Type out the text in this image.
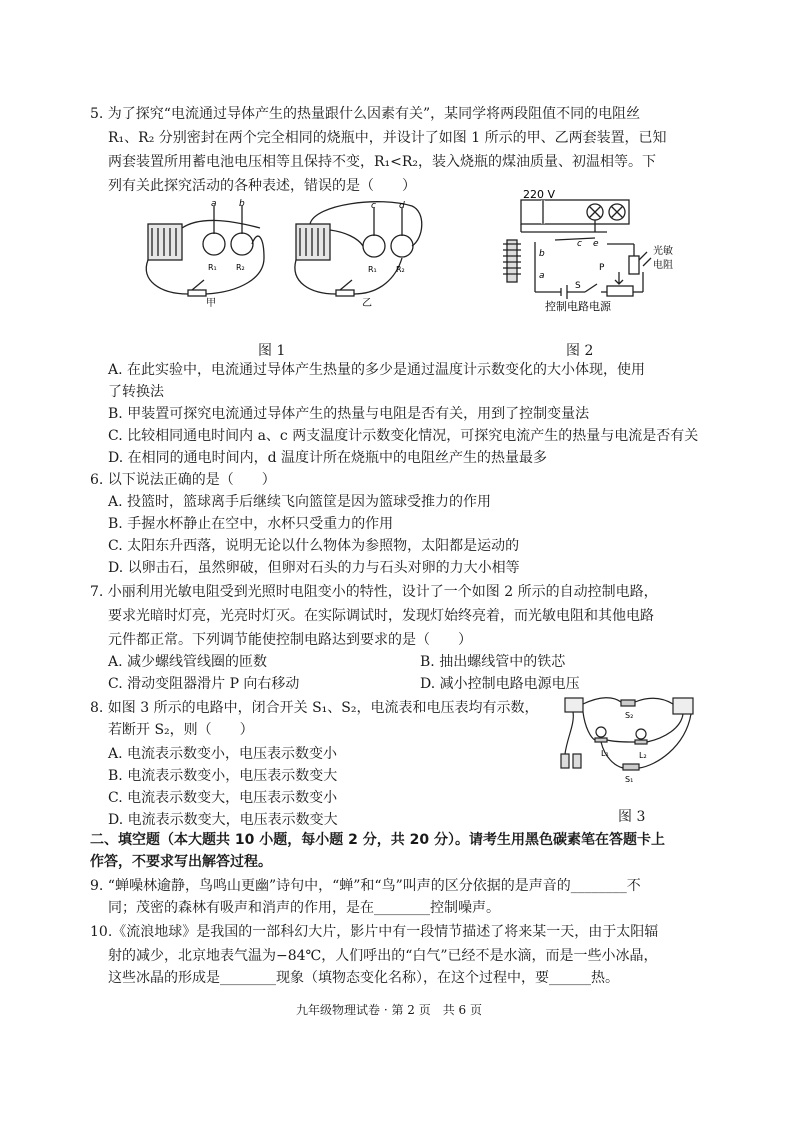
5. 为了探究“电流通过导体产生的热量跟什么因素有关”，某同学将两段阻值不同的电阻丝
R₁、R₂ 分别密封在两个完全相同的烧瓶中，并设计了如图 1 所示的甲、乙两套装置，已知
两套装置所用蓄电池电压相等且保持不变，R₁<R₂，装入烧瓶的煤油质量、初温相等。下
列有关此探究活动的各种表述，错误的是（　　）
a b	c	d
R₁ R₂	R₁ R₂
甲	乙
图 1
220 V
c e
b
a
S
P
光敏
电阻
控制电路电源
图 2
A. 在此实验中，电流通过导体产生热量的多少是通过温度计示数变化的大小体现，使用
了转换法
B. 甲装置可探究电流通过导体产生的热量与电阻是否有关，用到了控制变量法
C. 比较相同通电时间内 a、c 两支温度计示数变化情况，可探究电流产生的热量与电流是否有关
D. 在相同的通电时间内，d 温度计所在烧瓶中的电阻丝产生的热量最多
6. 以下说法正确的是（　　）
A. 投篮时，篮球离手后继续飞向篮筐是因为篮球受推力的作用
B. 手握水杯静止在空中，水杯只受重力的作用
C. 太阳东升西落，说明无论以什么物体为参照物，太阳都是运动的
D. 以卵击石，虽然卵破，但卵对石头的力与石头对卵的力大小相等
7. 小丽利用光敏电阻受到光照时电阻变小的特性，设计了一个如图 2 所示的自动控制电路，
要求光暗时灯亮，光亮时灯灭。在实际调试时，发现灯始终亮着，而光敏电阻和其他电路
元件都正常。下列调节能使控制电路达到要求的是（　　）
A. 减少螺线管线圈的匝数	B. 抽出螺线管中的铁芯
C. 滑动变阻器滑片 P 向右移动	D. 减小控制电路电源电压
8. 如图 3 所示的电路中，闭合开关 S₁、S₂，电流表和电压表均有示数，
若断开 S₂，则（　　）
A. 电流表示数变小，电压表示数变小
B. 电流表示数变小，电压表示数变大
C. 电流表示数变大，电压表示数变小
D. 电流表示数变大，电压表示数变大
S₂
L₁	L₂
S₁
图 3
二、填空题（本大题共 10 小题，每小题 2 分，共 20 分）。请考生用黑色碳素笔在答题卡上
作答，不要求写出解答过程。
9. “蝉噪林逾静，鸟鸣山更幽”诗句中，“蝉”和“鸟”叫声的区分依据的是声音的________不
同；茂密的森林有吸声和消声的作用，是在________控制噪声。
10.《流浪地球》是我国的一部科幻大片，影片中有一段情节描述了将来某一天，由于太阳辐
射的减少，北京地表气温为−84℃，人们呼出的“白气”已经不是水滴，而是一些小冰晶，
这些冰晶的形成是________现象（填物态变化名称），在这个过程中，要______热。
九年级物理试卷 · 第 2 页　共 6 页
